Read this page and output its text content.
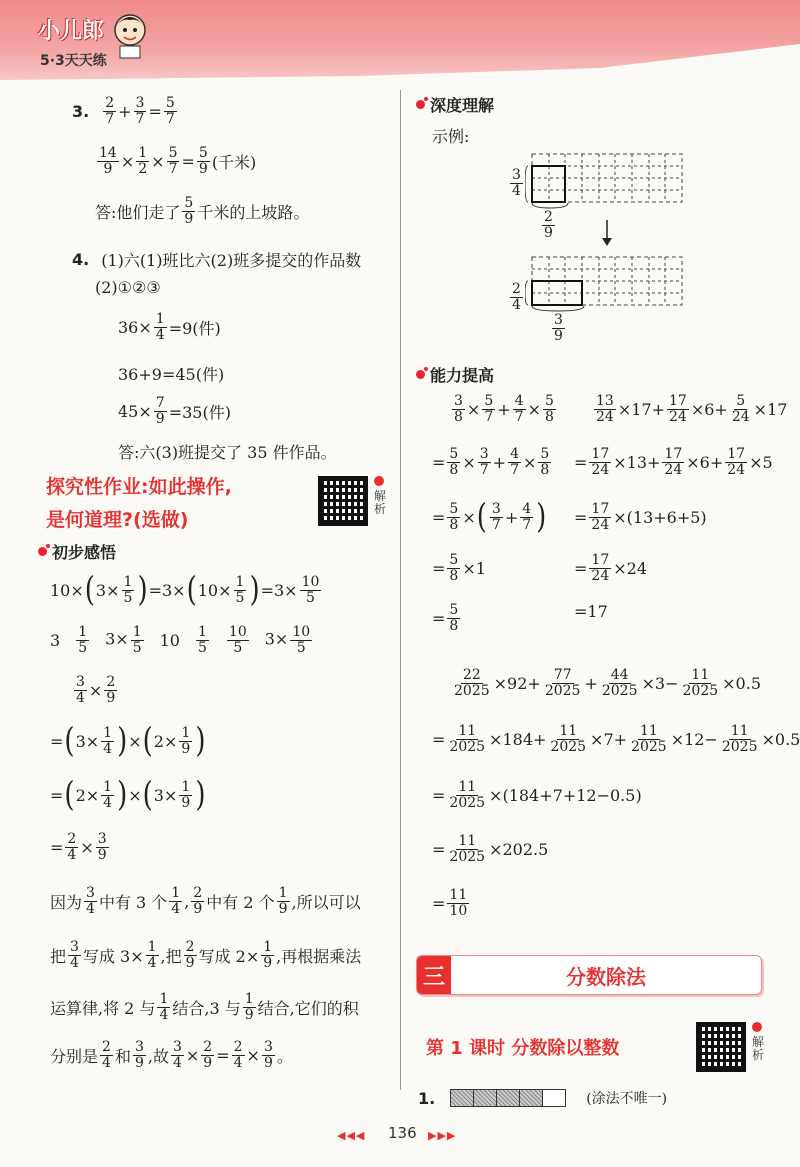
小儿郎
5·3天天练
3. $\frac{2}{7} + \frac{3}{7} = \frac{5}{7}$
$\frac{14}{9} \times \frac{1}{2} \times \frac{5}{7} = \frac{5}{9}$ (千米)
答:他们走了 $\frac{5}{9}$ 千米的上坡路。
4. (1)六(1)班比六(2)班多提交的作品数
(2)①②③
$36\times \frac{1}{4} =9$(件)
36+9=45(件)
$45\times \frac{7}{9} =35$(件)
答:六(3)班提交了 35 件作品。
探究性作业:如此操作,
是何道理?(选做)
解析
初步感悟
10× ( $3\times \frac{1}{5}$ ) =3× ( $10\times \frac{1}{5}$ ) $=3\times \frac{10}{5}$
$3 \frac{1}{5} 3\times \frac{1}{5} 10 \frac{1}{5} \frac{10}{5} 3\times \frac{10}{5}$
$\frac{3}{4} \times \frac{2}{9}$
= ( $3\times \frac{1}{4}$ ) × ( $2\times \frac{1}{9}$ )
= ( $2\times \frac{1}{4}$ ) × ( $3\times \frac{1}{9}$ )
= $\frac{2}{4} \times \frac{3}{9}$
因为 $\frac{3}{4}$ 中有 3 个 $\frac{1}{4}$ , $\frac{2}{9}$ 中有 2 个 $\frac{1}{9}$ ,所以可以
把 $\frac{3}{4}$ 写成 $3\times \frac{1}{4}$ ,把 $\frac{2}{9}$ 写成 $2\times \frac{1}{9}$ ,再根据乘法
运算律,将 2 与 $\frac{1}{4}$ 结合,3 与 $\frac{1}{9}$ 结合,它们的积
分别是 $\frac{2}{4}$ 和 $\frac{3}{9}$ ,故 $\frac{3}{4} \times \frac{2}{9} = \frac{2}{4} \times \frac{3}{9}$ 。
深度理解
示例:
$\frac{3}{4}$
$\frac{2}{9}$
$\frac{2}{4}$
$\frac{3}{9}$
能力提高
$\frac{3}{8} \times \frac{5}{7} + \frac{4}{7} \times \frac{5}{8}$
= $\frac{5}{8} \times \frac{3}{7} + \frac{4}{7} \times \frac{5}{8}$
= $\frac{5}{8}$ × ( $\frac{3}{7} + \frac{4}{7}$ )
= $\frac{5}{8} \times 1$
= $\frac{5}{8}$
$\frac{13}{24} \times 17+ \frac{17}{24} \times 6+ \frac{5}{24} \times 17$
= $\frac{17}{24} \times 13+ \frac{17}{24} \times 6+ \frac{17}{24} \times 5$
= $\frac{17}{24} \times(13+6+5)$
= $\frac{17}{24} \times 24$
=17
$\frac{22}{2025} \times 92+ \frac{77}{2025} + \frac{44}{2025} \times 3- \frac{11}{2025} \times 0.5$
= $\frac{11}{2025} \times 184+ \frac{11}{2025} \times 7+ \frac{11}{2025} \times 12- \frac{11}{2025} \times 0.5$
= $\frac{11}{2025} \times(184+7+12-0.5)$
= $\frac{11}{2025} \times 202.5$
= $\frac{11}{10}$
三	分数除法
第 1 课时 分数除以整数	解析
1.	(涂法不唯一)
◀◀◀ 136 ▶▶▶
